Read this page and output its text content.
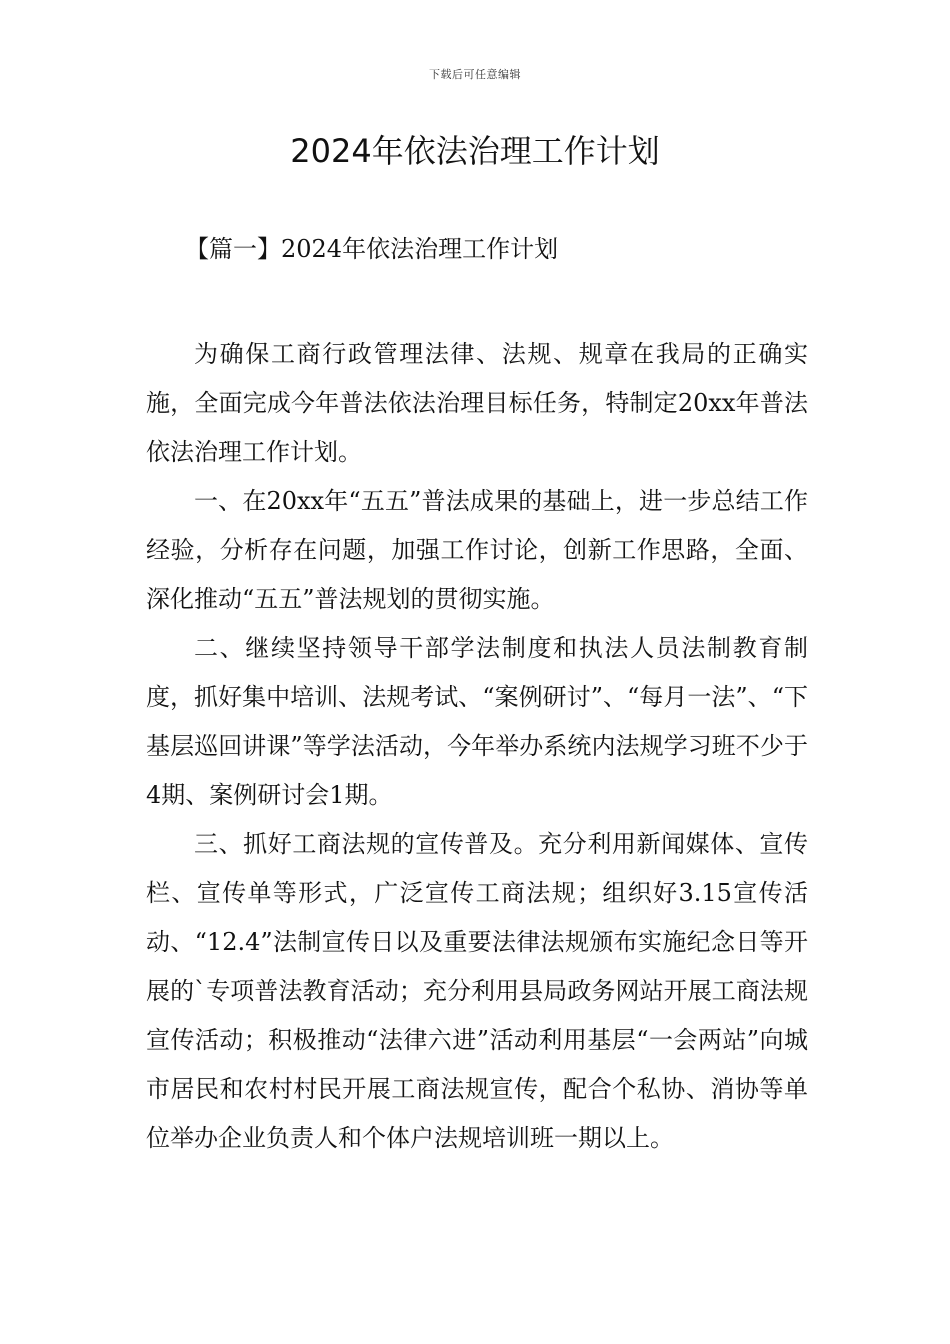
下载后可任意编辑
2024年依法治理工作计划
【篇一】2024年依法治理工作计划

为确保工商行政管理法律、法规、规章在我局的正确实施，全面完成今年普法依法治理目标任务，特制定20xx年普法依法治理工作计划。

一、在20xx年“五五”普法成果的基础上，进一步总结工作经验，分析存在问题，加强工作讨论，创新工作思路，全面、深化推动“五五”普法规划的贯彻实施。

二、继续坚持领导干部学法制度和执法人员法制教育制度，抓好集中培训、法规考试、“案例研讨”、“每月一法”、“下基层巡回讲课”等学法活动，今年举办系统内法规学习班不少于4期、案例研讨会1期。

三、抓好工商法规的宣传普及。充分利用新闻媒体、宣传栏、宣传单等形式，广泛宣传工商法规；组织好3.15宣传活动、“12.4”法制宣传日以及重要法律法规颁布实施纪念日等开展的`专项普法教育活动；充分利用县局政务网站开展工商法规宣传活动；积极推动“法律六进”活动利用基层“一会两站”向城市居民和农村村民开展工商法规宣传，配合个私协、消协等单位举办企业负责人和个体户法规培训班一期以上。
